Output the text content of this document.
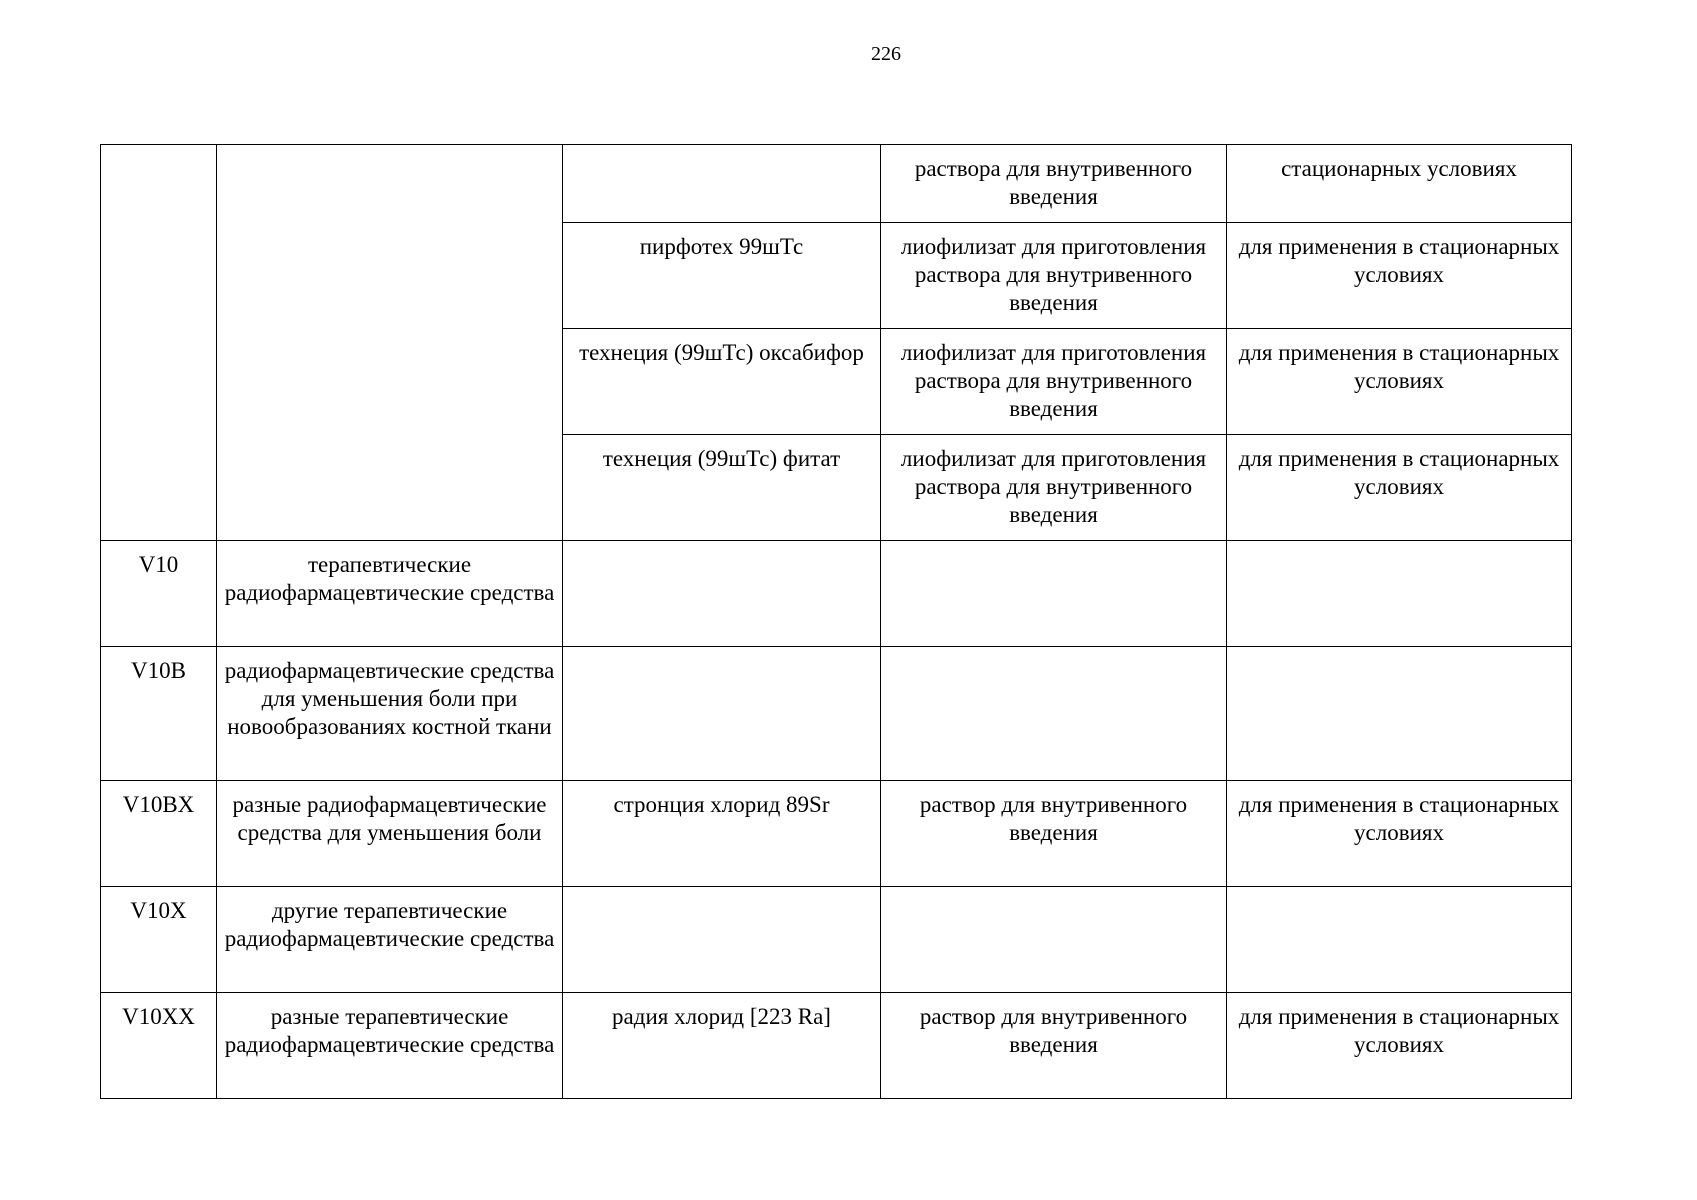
226
			раствора для внутривенного введения	стационарных условиях
		пирфотех 99шТс	лиофилизат для приготовления раствора для внутривенного введения	для применения в стационарных условиях
		технеция (99шТс) оксабифор	лиофилизат для приготовления раствора для внутривенного введения	для применения в стационарных условиях
		технеция (99шТс) фитат	лиофилизат для приготовления раствора для внутривенного введения	для применения в стационарных условиях
V10	терапевтические радиофармацевтические средства			
V10B	радиофармацевтические средства для уменьшения боли при новообразованиях костной ткани			
V10BX	разные радиофармацевтические средства для уменьшения боли	стронция хлорид 89Sr	раствор для внутривенного введения	для применения в стационарных условиях
V10X	другие терапевтические радиофармацевтические средства			
V10XX	разные терапевтические радиофармацевтические средства	радия хлорид [223 Ra]	раствор для внутривенного введения	для применения в стационарных условиях
